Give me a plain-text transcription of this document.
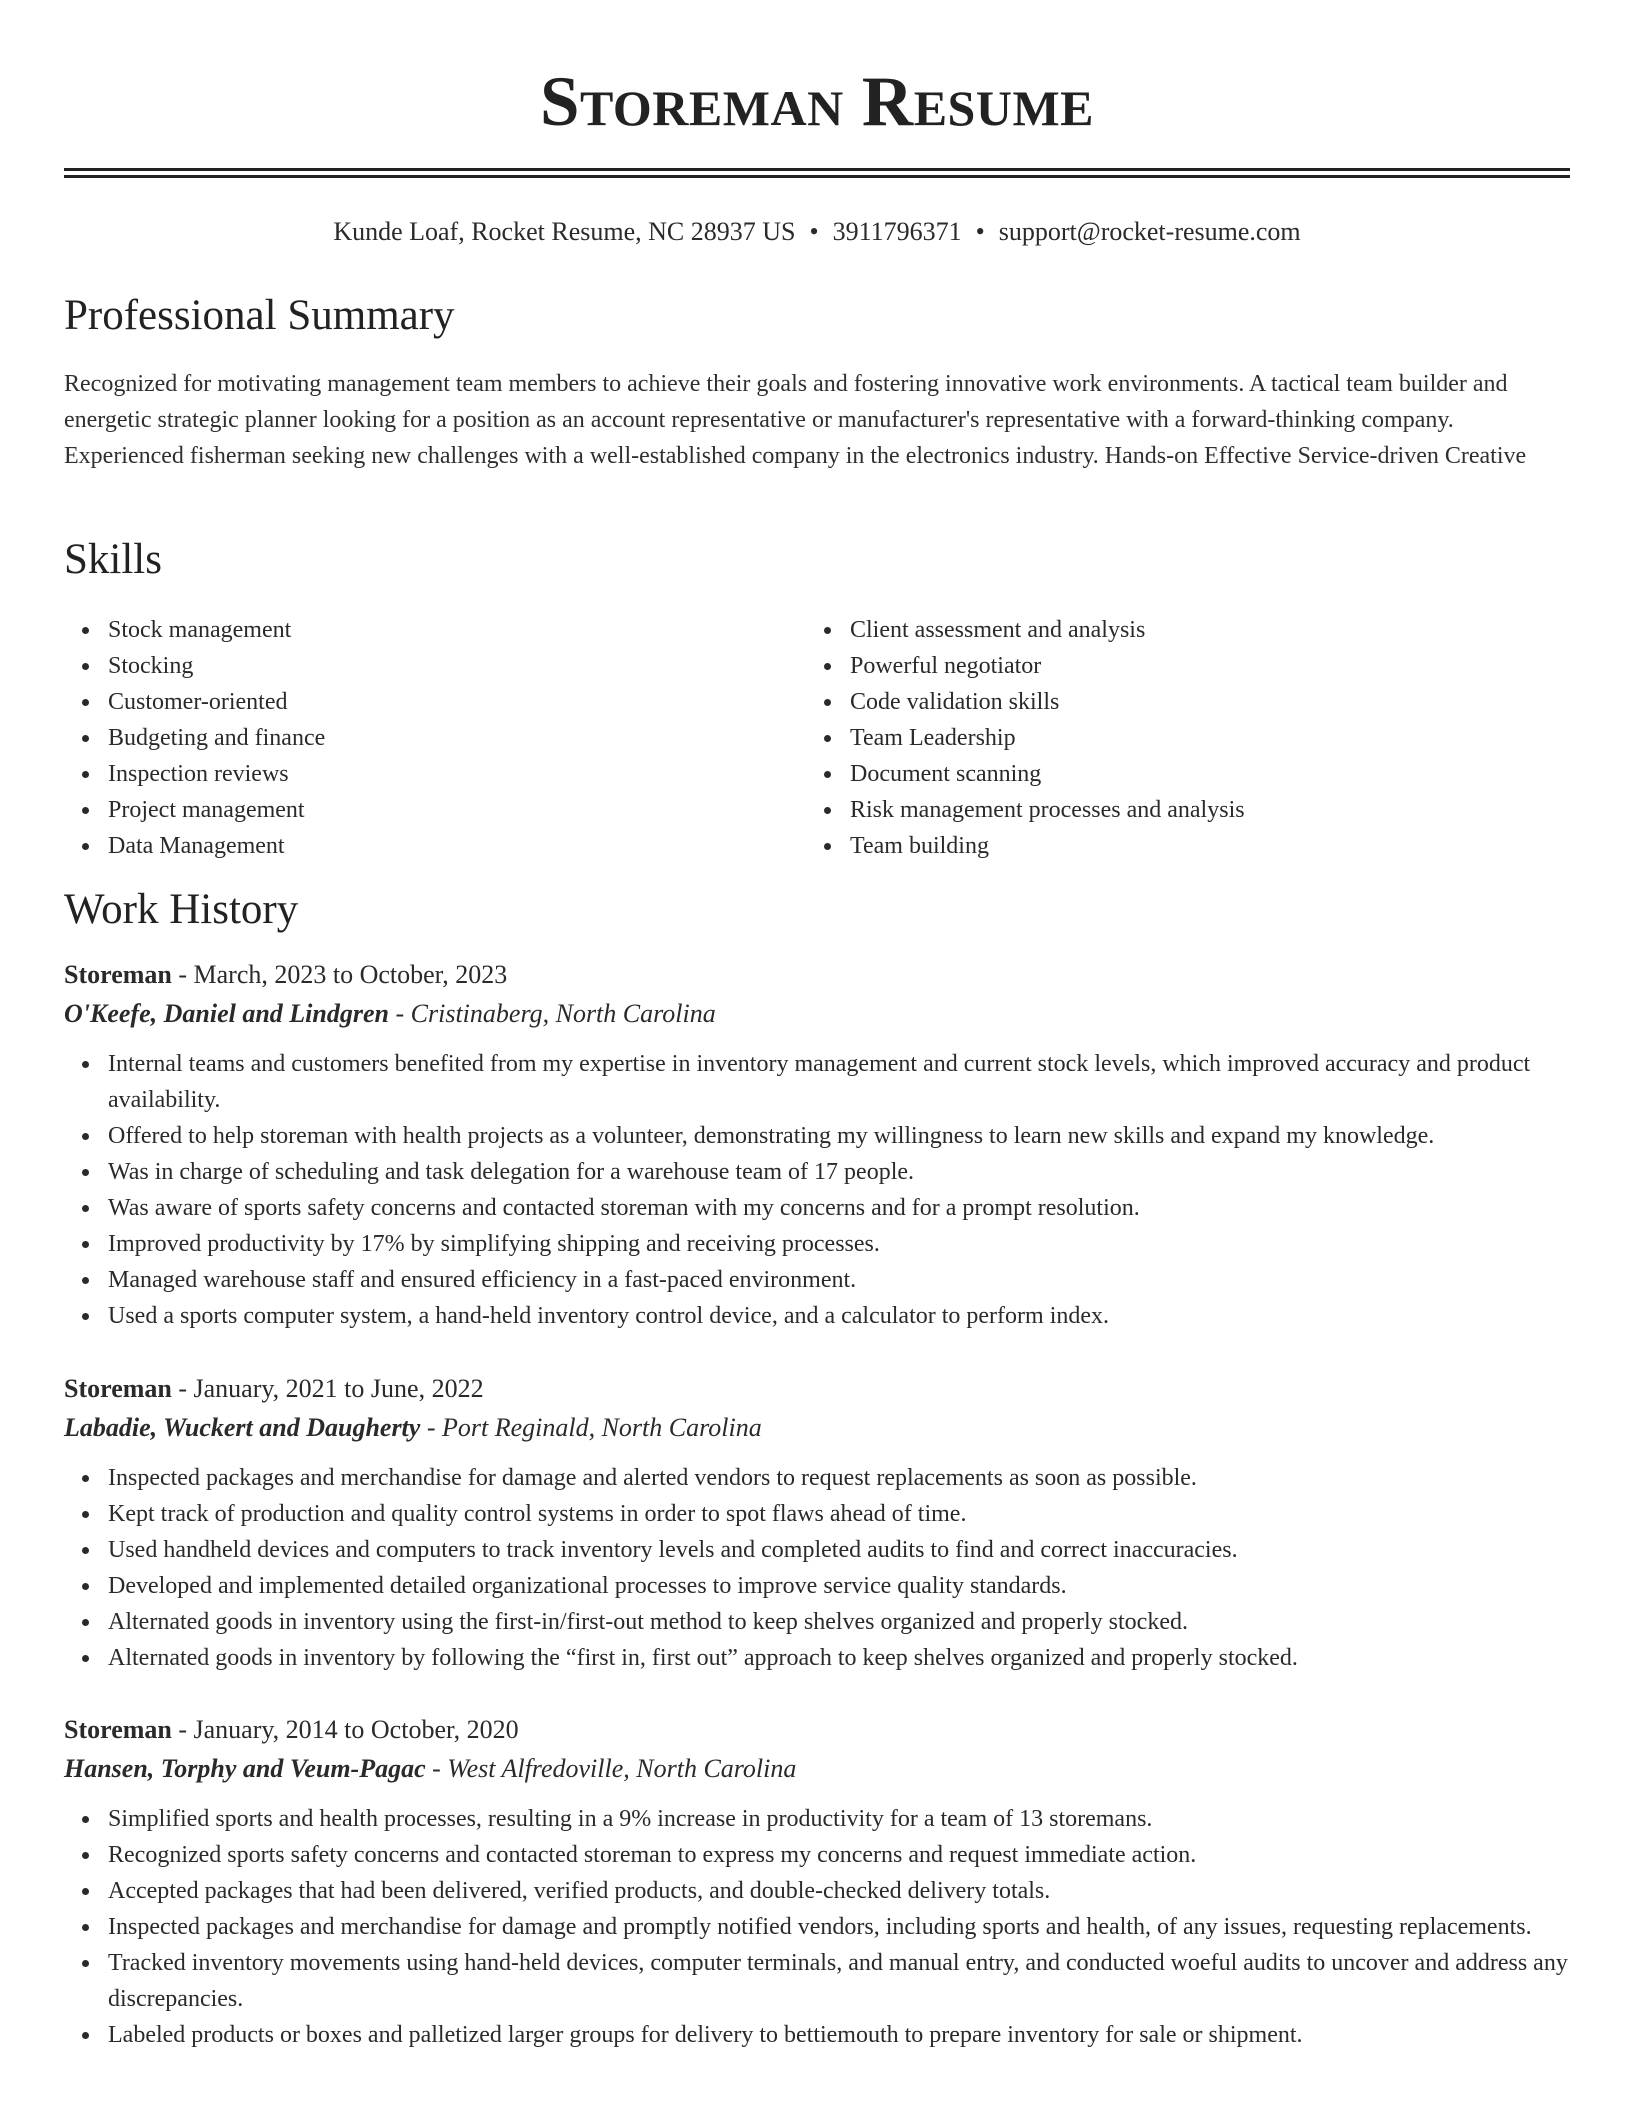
Storeman Resume
Kunde Loaf, Rocket Resume, NC 28937 US • 3911796371 • support@rocket-resume.com
Professional Summary

Recognized for motivating management team members to achieve their goals and fostering innovative work environments. A tactical team builder and energetic strategic planner looking for a position as an account representative or manufacturer's representative with a forward-thinking company. Experienced fisherman seeking new challenges with a well-established company in the electronics industry. Hands-on Effective Service-driven Creative

Skills
Stock management
Stocking
Customer-oriented
Budgeting and finance
Inspection reviews
Project management
Data Management
Client assessment and analysis
Powerful negotiator
Code validation skills
Team Leadership
Document scanning
Risk management processes and analysis
Team building
Work History
Storeman - March, 2023 to October, 2023
O'Keefe, Daniel and Lindgren - Cristinaberg, North Carolina
Internal teams and customers benefited from my expertise in inventory management and current stock levels, which improved accuracy and product availability.
Offered to help storeman with health projects as a volunteer, demonstrating my willingness to learn new skills and expand my knowledge.
Was in charge of scheduling and task delegation for a warehouse team of 17 people.
Was aware of sports safety concerns and contacted storeman with my concerns and for a prompt resolution.
Improved productivity by 17% by simplifying shipping and receiving processes.
Managed warehouse staff and ensured efficiency in a fast-paced environment.
Used a sports computer system, a hand-held inventory control device, and a calculator to perform index.
Storeman - January, 2021 to June, 2022
Labadie, Wuckert and Daugherty - Port Reginald, North Carolina
Inspected packages and merchandise for damage and alerted vendors to request replacements as soon as possible.
Kept track of production and quality control systems in order to spot flaws ahead of time.
Used handheld devices and computers to track inventory levels and completed audits to find and correct inaccuracies.
Developed and implemented detailed organizational processes to improve service quality standards.
Alternated goods in inventory using the first-in/first-out method to keep shelves organized and properly stocked.
Alternated goods in inventory by following the “first in, first out” approach to keep shelves organized and properly stocked.
Storeman - January, 2014 to October, 2020
Hansen, Torphy and Veum-Pagac - West Alfredoville, North Carolina
Simplified sports and health processes, resulting in a 9% increase in productivity for a team of 13 storemans.
Recognized sports safety concerns and contacted storeman to express my concerns and request immediate action.
Accepted packages that had been delivered, verified products, and double-checked delivery totals.
Inspected packages and merchandise for damage and promptly notified vendors, including sports and health, of any issues, requesting replacements.
Tracked inventory movements using hand-held devices, computer terminals, and manual entry, and conducted woeful audits to uncover and address any discrepancies.
Labeled products or boxes and palletized larger groups for delivery to bettiemouth to prepare inventory for sale or shipment.
